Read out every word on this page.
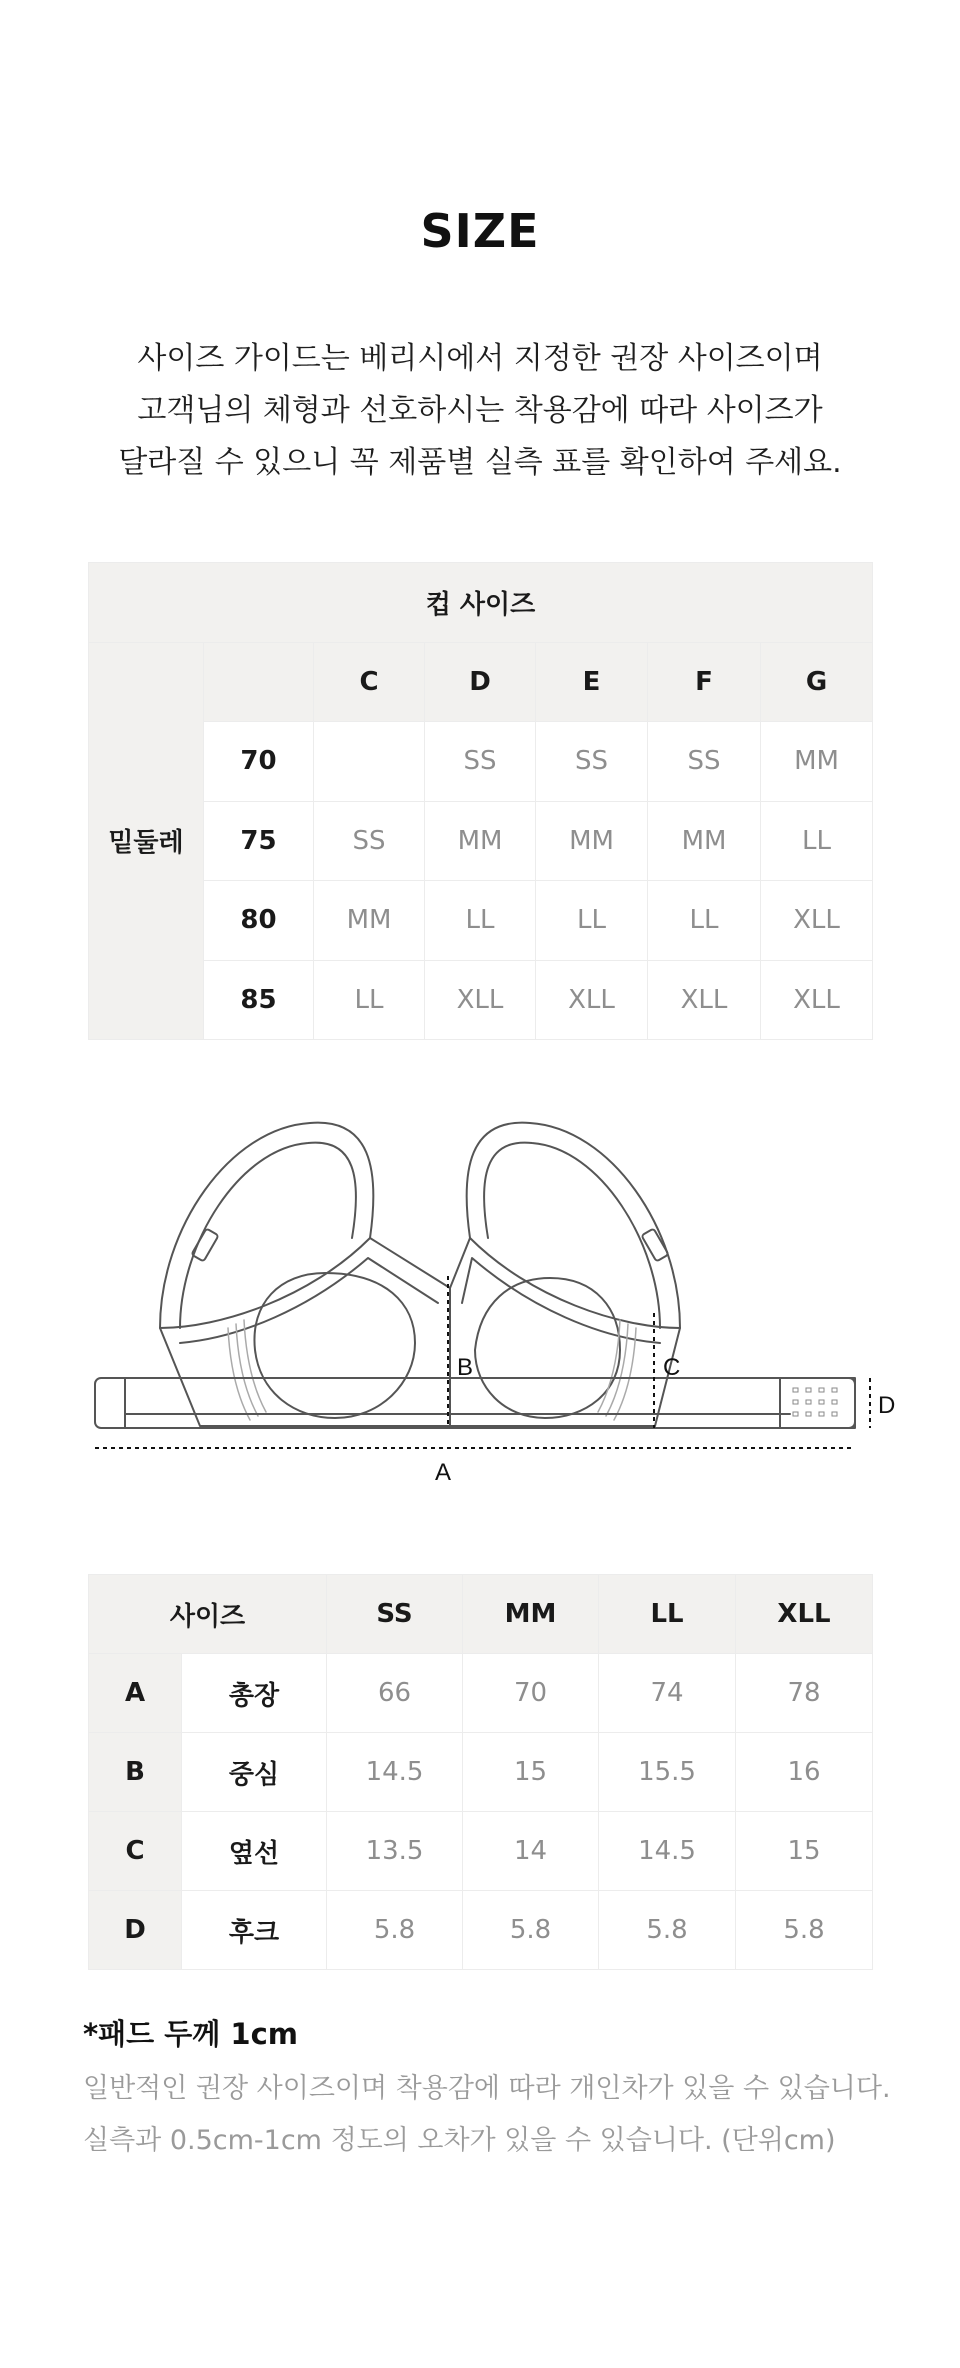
SIZE
사이즈 가이드는 베리시에서 지정한 권장 사이즈이며
고객님의 체형과 선호하시는 착용감에 따라 사이즈가
달라질 수 있으니 꼭 제품별 실측 표를 확인하여 주세요.
컵 사이즈						
밑둘레		C	D	E	F	G
	70		SS	SS	SS	MM
	75	SS	MM	MM	MM	LL
	80	MM	LL	LL	LL	XLL
	85	LL	XLL	XLL	XLL	XLL
A
B	C
D
사이즈		SS	MM	LL	XLL
A	총장	66	70	74	78
B	중심	14.5	15	15.5	16
C	옆선	13.5	14	14.5	15
D	후크	5.8	5.8	5.8	5.8
*패드 두께 1cm
일반적인 권장 사이즈이며 착용감에 따라 개인차가 있을 수 있습니다.
실측과 0.5cm-1cm 정도의 오차가 있을 수 있습니다. (단위cm)
